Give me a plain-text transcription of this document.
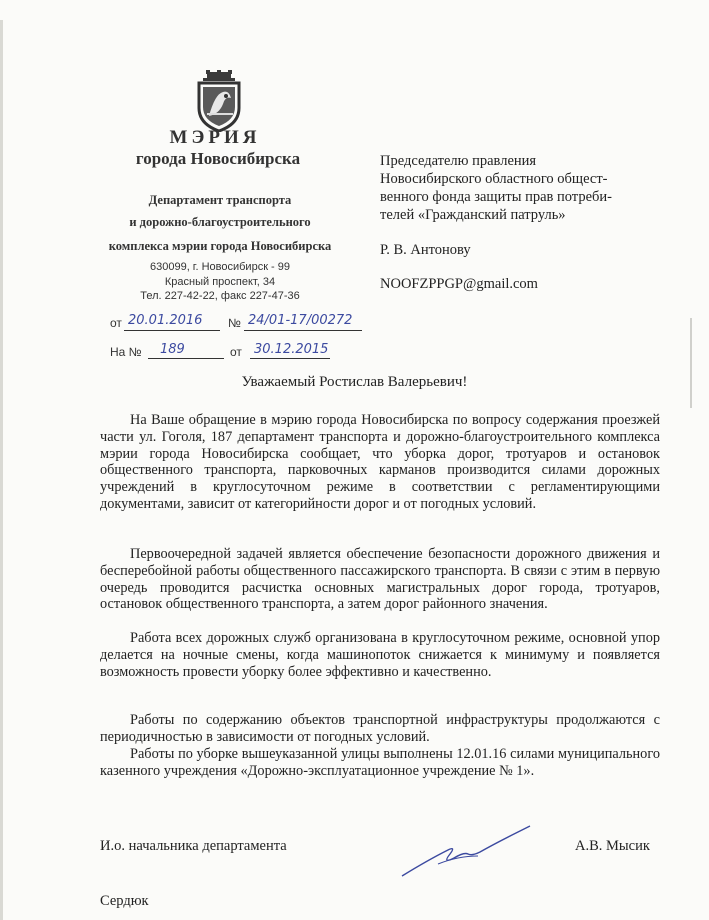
МЭРИЯ
города Новосибирска
Департамент транспорта
и дорожно-благоустроительного
комплекса мэрии города Новосибирска
630099, г. Новосибирск - 99
Красный проспект, 34
Тел. 227-42-22, факс 227-47-36
от 20.01.2016 № 24/01-17/00272
На № 189	от 30.12.2015
Председателю правления
Новосибирского областного общест-
венного фонда защиты прав потреби-
телей «Гражданский патруль»
Р. В. Антонову
NOOFZPPGP@gmail.com
Уважаемый Ростислав Валерьевич!
На Ваше обращение в мэрию города Новосибирска по вопросу содержания проезжей части ул. Гоголя, 187 департамент транспорта и дорожно-благоустроительного комплекса мэрии города Новосибирска сообщает, что уборка дорог, тротуаров и остановок общественного транспорта, парковочных карманов производится силами дорожных учреждений в круглосуточном режиме в соответствии с регламентирующими документами, зависит от категорийности дорог и от погодных условий.
Первоочередной задачей является обеспечение безопасности дорожного движения и бесперебойной работы общественного пассажирского транспорта. В связи с этим в первую очередь проводится расчистка основных магистральных дорог города, тротуаров, остановок общественного транспорта, а затем дорог районного значения.
Работа всех дорожных служб организована в круглосуточном режиме, основной упор делается на ночные смены, когда машинопоток снижается к минимуму и появляется возможность провести уборку более эффективно и качественно.
Работы по содержанию объектов транспортной инфраструктуры продолжаются с периодичностью в зависимости от погодных условий.
Работы по уборке вышеуказанной улицы выполнены 12.01.16 силами муниципального казенного учреждения «Дорожно-эксплуатационное учреждение № 1».
И.о. начальника департамента	А.В. Мысик
Сердюк
